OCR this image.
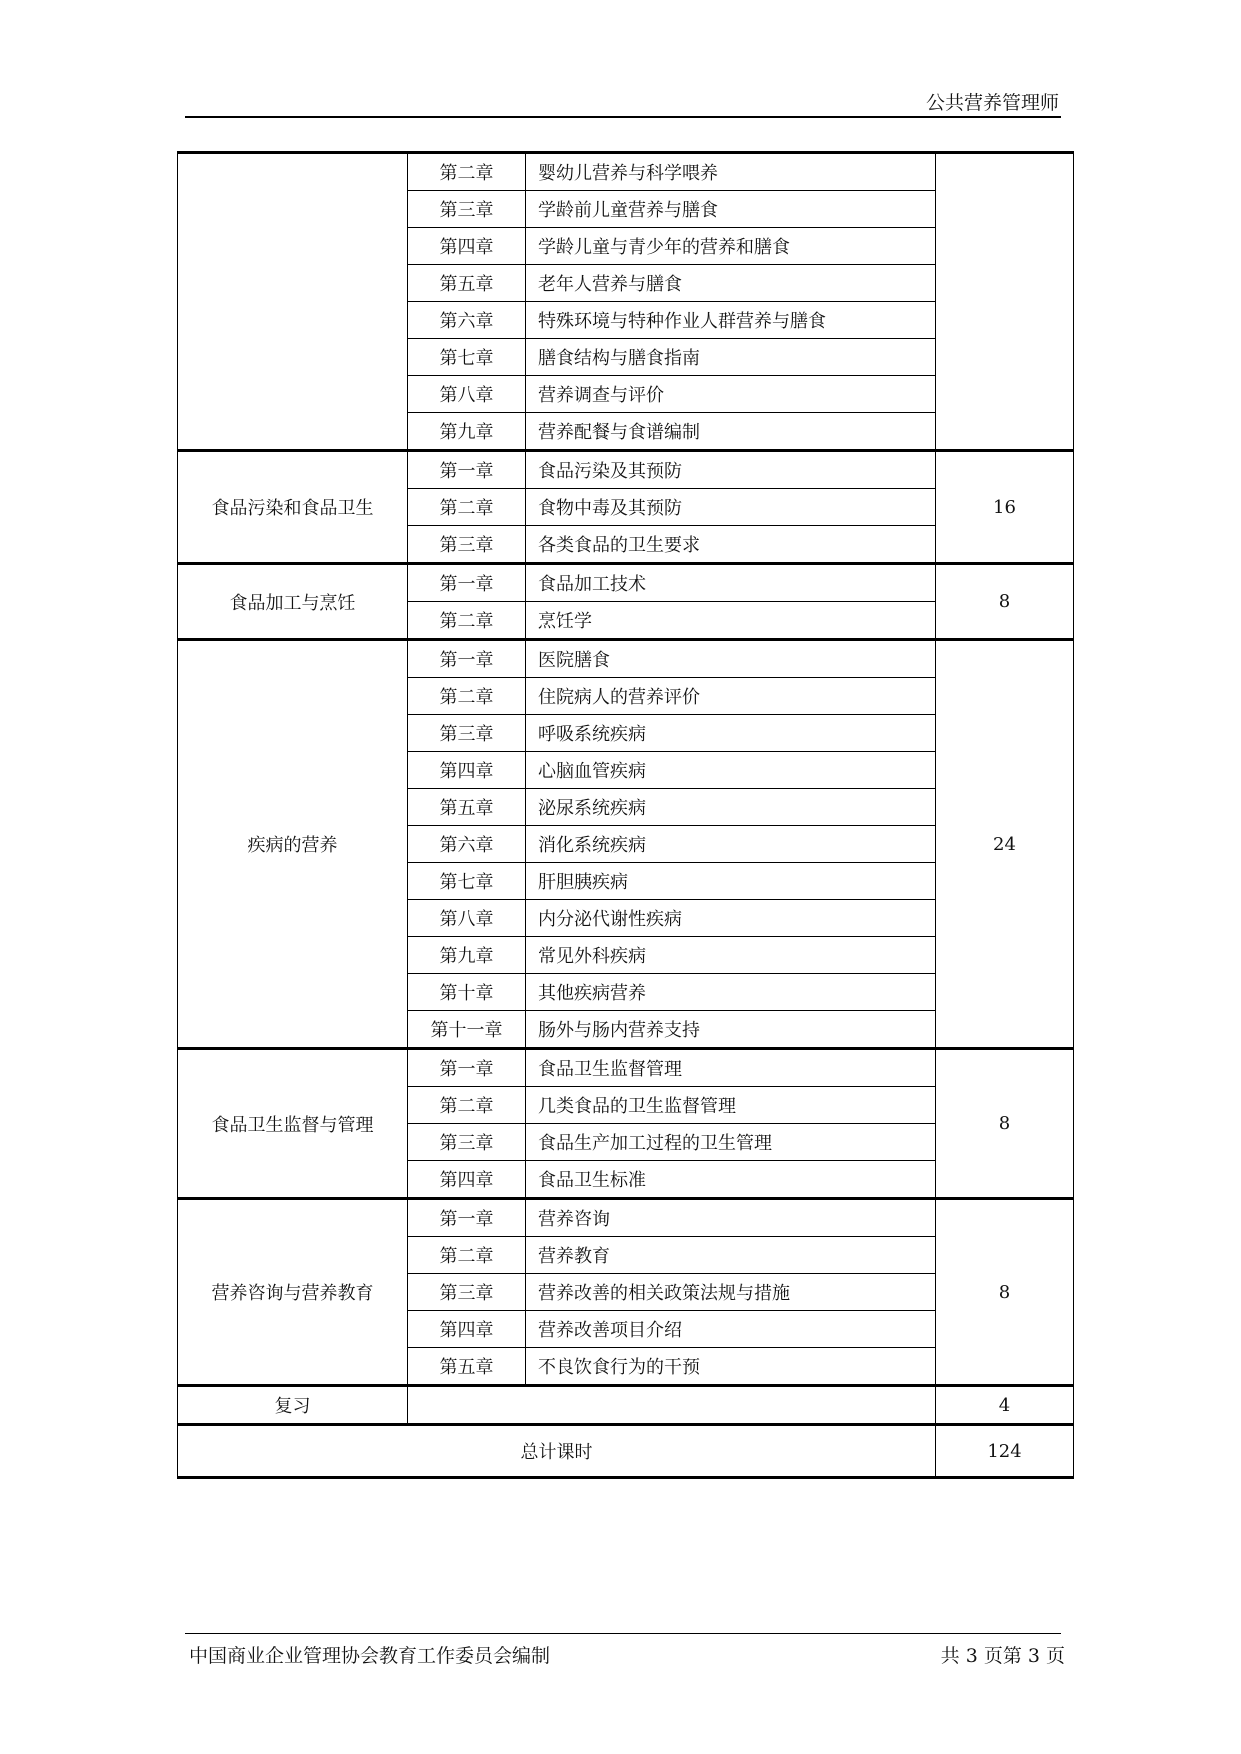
公共营养管理师
	第二章	婴幼儿营养与科学喂养	
	第三章	学龄前儿童营养与膳食	
	第四章	学龄儿童与青少年的营养和膳食	
	第五章	老年人营养与膳食	
	第六章	特殊环境与特种作业人群营养与膳食	
	第七章	膳食结构与膳食指南	
	第八章	营养调查与评价	
	第九章	营养配餐与食谱编制	
食品污染和食品卫生	第一章	食品污染及其预防	16
	第二章	食物中毒及其预防	
	第三章	各类食品的卫生要求	
食品加工与烹饪	第一章	食品加工技术	8
	第二章	烹饪学	
疾病的营养	第一章	医院膳食	24
	第二章	住院病人的营养评价	
	第三章	呼吸系统疾病	
	第四章	心脑血管疾病	
	第五章	泌尿系统疾病	
	第六章	消化系统疾病	
	第七章	肝胆胰疾病	
	第八章	内分泌代谢性疾病	
	第九章	常见外科疾病	
	第十章	其他疾病营养	
	第十一章	肠外与肠内营养支持	
食品卫生监督与管理	第一章	食品卫生监督管理	8
	第二章	几类食品的卫生监督管理	
	第三章	食品生产加工过程的卫生管理	
	第四章	食品卫生标准	
营养咨询与营养教育	第一章	营养咨询	8
	第二章	营养教育	
	第三章	营养改善的相关政策法规与措施	
	第四章	营养改善项目介绍	
	第五章	不良饮食行为的干预	
复习			4
总计课时			124
中国商业企业管理协会教育工作委员会编制	共 3 页第 3 页
